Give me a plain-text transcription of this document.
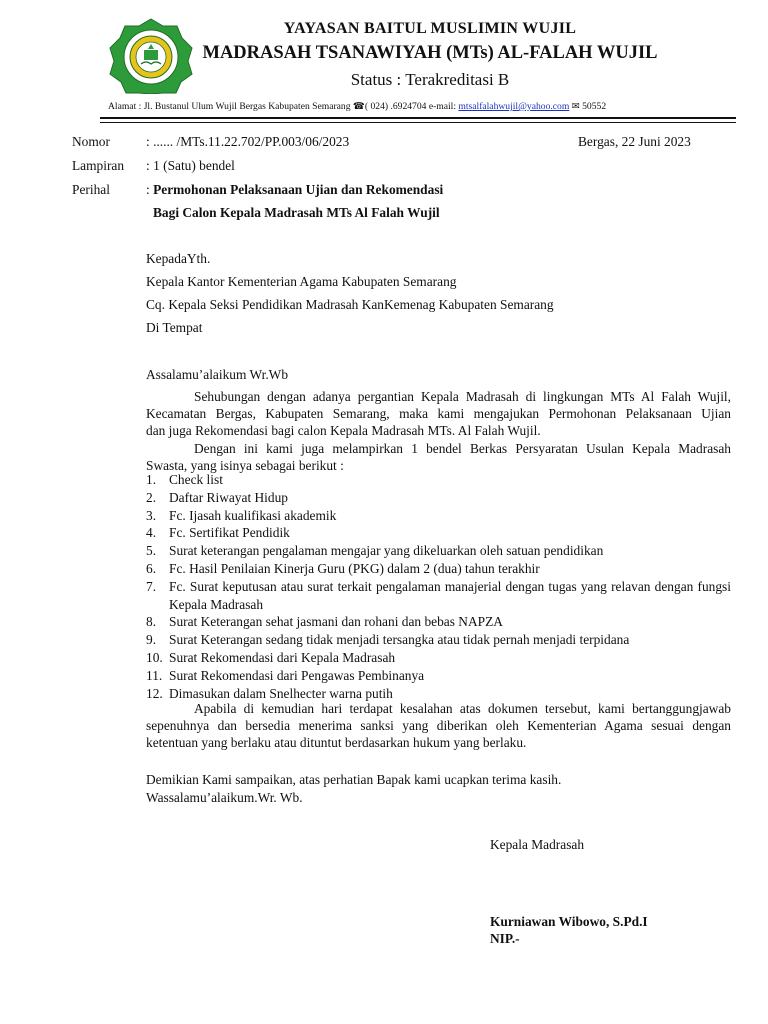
YAYASAN BAITUL MUSLIMIN WUJIL
MADRASAH TSANAWIYAH (MTs) AL-FALAH WUJIL
Status : Terakreditasi B
Alamat : Jl. Bustanul Ulum Wujil Bergas Kabupaten Semarang ☎( 024) .6924704 e-mail: mtsalfalahwujil@yahoo.com ✉ 50552
Nomor	: ...... /MTs.11.22.702/PP.003/06/2023	Bergas, 22 Juni 2023
Lampiran : 1 (Satu) bendel
Perihal	: Permohonan Pelaksanaan Ujian dan Rekomendasi
Bagi Calon Kepala Madrasah MTs Al Falah Wujil
KepadaYth.
Kepala Kantor Kementerian Agama Kabupaten Semarang
Cq. Kepala Seksi Pendidikan Madrasah KanKemenag Kabupaten Semarang
Di Tempat
Assalamu’alaikum Wr.Wb
Sehubungan dengan adanya pergantian Kepala Madrasah di lingkungan MTs Al Falah Wujil,
Kecamatan Bergas, Kabupaten Semarang, maka kami mengajukan Permohonan Pelaksanaan Ujian
dan juga Rekomendasi bagi calon Kepala Madrasah MTs. Al Falah Wujil.
Dengan ini kami juga melampirkan 1 bendel Berkas Persyaratan Usulan Kepala Madrasah
Swasta, yang isinya sebagai berikut :
1. Check list
2. Daftar Riwayat Hidup
3. Fc. Ijasah kualifikasi akademik
4. Fc. Sertifikat Pendidik
5. Surat keterangan pengalaman mengajar yang dikeluarkan oleh satuan pendidikan
6. Fc. Hasil Penilaian Kinerja Guru (PKG) dalam 2 (dua) tahun terakhir
7. Fc. Surat keputusan atau surat terkait pengalaman manajerial dengan tugas yang relavan dengan fungsi Kepala Madrasah
8. Surat Keterangan sehat jasmani dan rohani dan bebas NAPZA
9. Surat Keterangan sedang tidak menjadi tersangka atau tidak pernah menjadi terpidana
10. Surat Rekomendasi dari Kepala Madrasah
11. Surat Rekomendasi dari Pengawas Pembinanya
12. Dimasukan dalam Snelhecter warna putih
Apabila di kemudian hari terdapat kesalahan atas dokumen tersebut, kami bertanggungjawab
sepenuhnya dan bersedia menerima sanksi yang diberikan oleh Kementerian Agama sesuai dengan
ketentuan yang berlaku atau dituntut berdasarkan hukum yang berlaku.
Demikian Kami sampaikan, atas perhatian Bapak kami ucapkan terima kasih.
Wassalamu’alaikum.Wr. Wb.
Kepala Madrasah
Kurniawan Wibowo, S.Pd.I
NIP.-
